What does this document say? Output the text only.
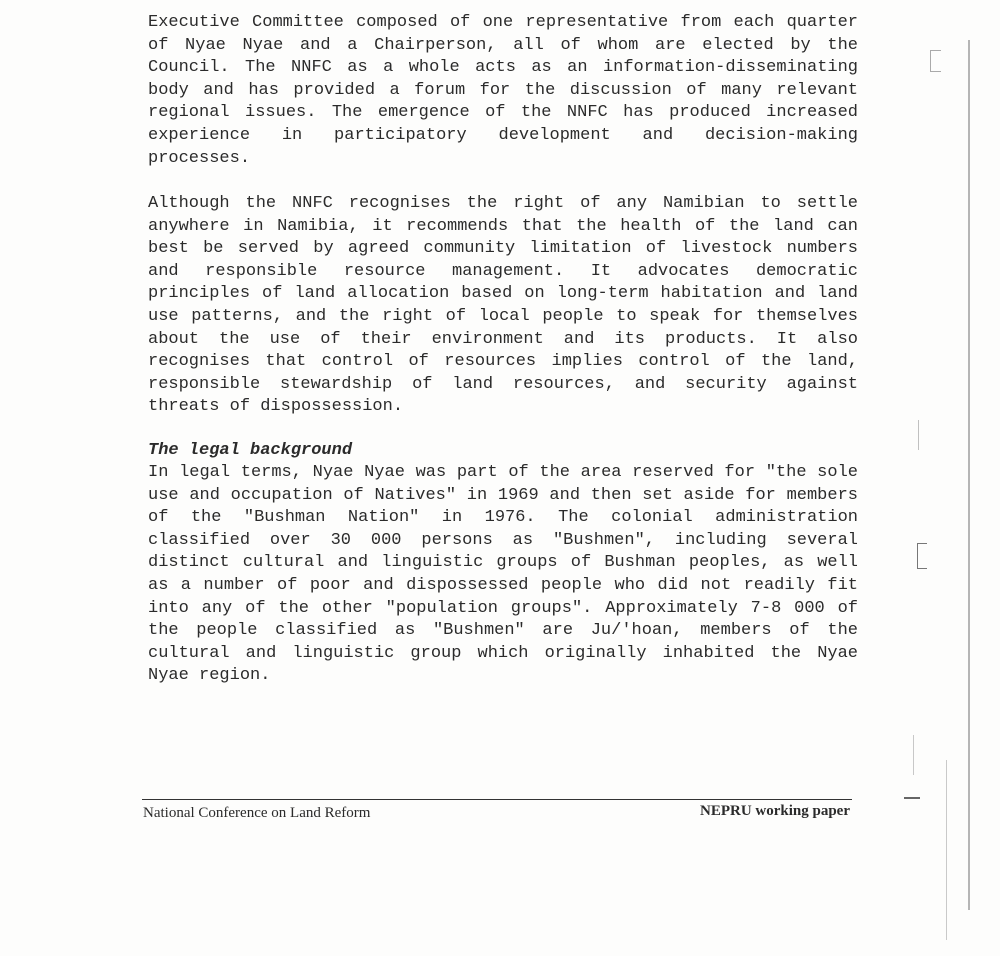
Executive Committee composed of one representative from each quarter of Nyae Nyae and a Chairperson, all of whom are elected by the Council. The NNFC as a whole acts as an information-disseminating body and has provided a forum for the discussion of many relevant regional issues. The emergence of the NNFC has produced increased experience in participatory development and decision-making processes.

Although the NNFC recognises the right of any Namibian to settle anywhere in Namibia, it recommends that the health of the land can best be served by agreed community limitation of livestock numbers and responsible resource management. It advocates democratic principles of land allocation based on long-term habitation and land use patterns, and the right of local people to speak for themselves about the use of their environment and its products. It also recognises that control of resources implies control of the land, responsible stewardship of land resources, and security against threats of dispossession.

The legal background

In legal terms, Nyae Nyae was part of the area reserved for "the sole use and occupation of Natives" in 1969 and then set aside for members of the "Bushman Nation" in 1976. The colonial administration classified over 30 000 persons as "Bushmen", including several distinct cultural and linguistic groups of Bushman peoples, as well as a number of poor and dispossessed people who did not readily fit into any of the other "population groups". Approximately 7-8 000 of the people classified as "Bushmen" are Ju/'hoan, members of the cultural and linguistic group which originally inhabited the Nyae Nyae region.

National Conference on Land Reform	NEPRU working paper
